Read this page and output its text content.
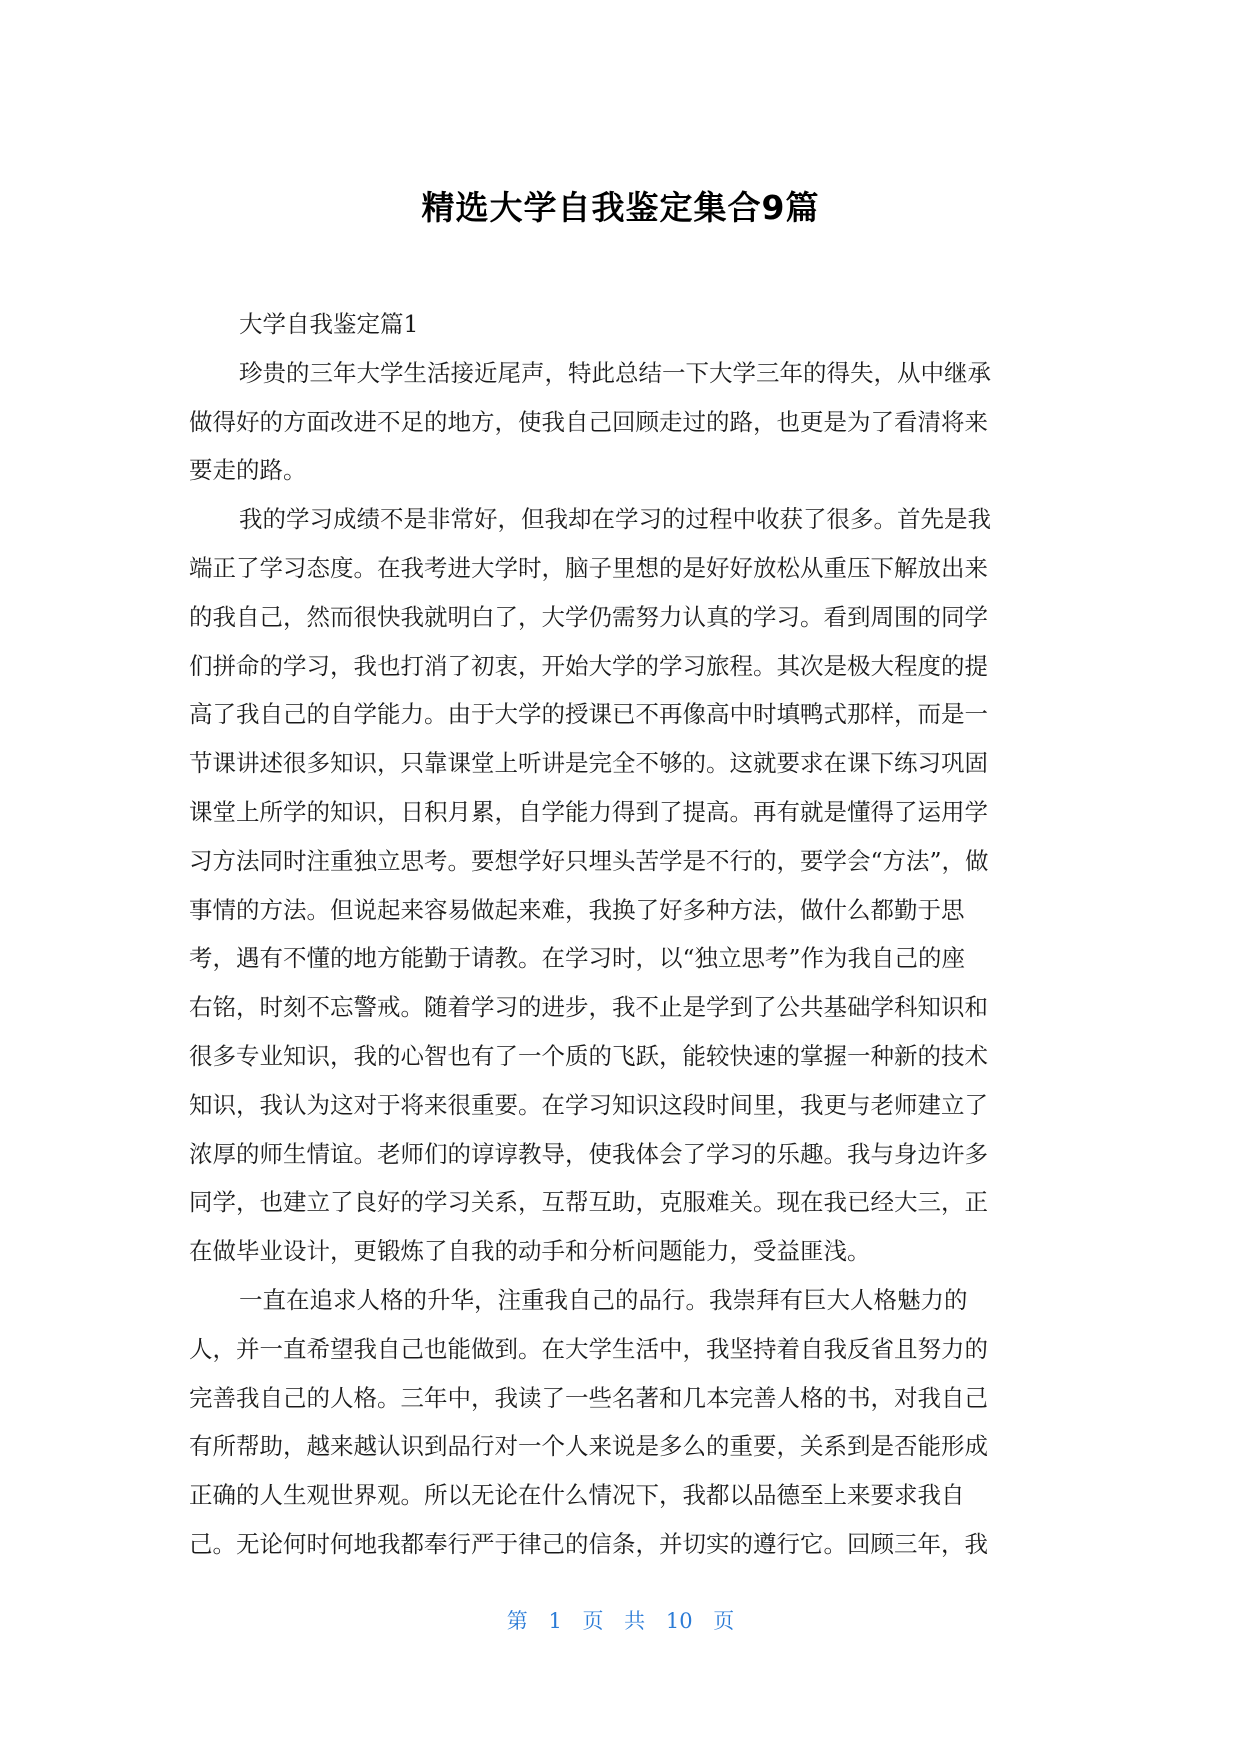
精选大学自我鉴定集合9篇
大学自我鉴定篇1
珍贵的三年大学生活接近尾声，特此总结一下大学三年的得失，从中继承
做得好的方面改进不足的地方，使我自己回顾走过的路，也更是为了看清将来
要走的路。
我的学习成绩不是非常好，但我却在学习的过程中收获了很多。首先是我
端正了学习态度。在我考进大学时，脑子里想的是好好放松从重压下解放出来
的我自己，然而很快我就明白了，大学仍需努力认真的学习。看到周围的同学
们拼命的学习，我也打消了初衷，开始大学的学习旅程。其次是极大程度的提
高了我自己的自学能力。由于大学的授课已不再像高中时填鸭式那样，而是一
节课讲述很多知识，只靠课堂上听讲是完全不够的。这就要求在课下练习巩固
课堂上所学的知识，日积月累，自学能力得到了提高。再有就是懂得了运用学
习方法同时注重独立思考。要想学好只埋头苦学是不行的，要学会“方法”，做
事情的方法。但说起来容易做起来难，我换了好多种方法，做什么都勤于思
考，遇有不懂的地方能勤于请教。在学习时，以“独立思考”作为我自己的座
右铭，时刻不忘警戒。随着学习的进步，我不止是学到了公共基础学科知识和
很多专业知识，我的心智也有了一个质的飞跃，能较快速的掌握一种新的技术
知识，我认为这对于将来很重要。在学习知识这段时间里，我更与老师建立了
浓厚的师生情谊。老师们的谆谆教导，使我体会了学习的乐趣。我与身边许多
同学，也建立了良好的学习关系，互帮互助，克服难关。现在我已经大三，正
在做毕业设计，更锻炼了自我的动手和分析问题能力，受益匪浅。
一直在追求人格的升华，注重我自己的品行。我崇拜有巨大人格魅力的
人，并一直希望我自己也能做到。在大学生活中，我坚持着自我反省且努力的
完善我自己的人格。三年中，我读了一些名著和几本完善人格的书，对我自己
有所帮助，越来越认识到品行对一个人来说是多么的重要，关系到是否能形成
正确的人生观世界观。所以无论在什么情况下，我都以品德至上来要求我自
己。无论何时何地我都奉行严于律己的信条，并切实的遵行它。回顾三年，我
第 1 页 共 10 页
